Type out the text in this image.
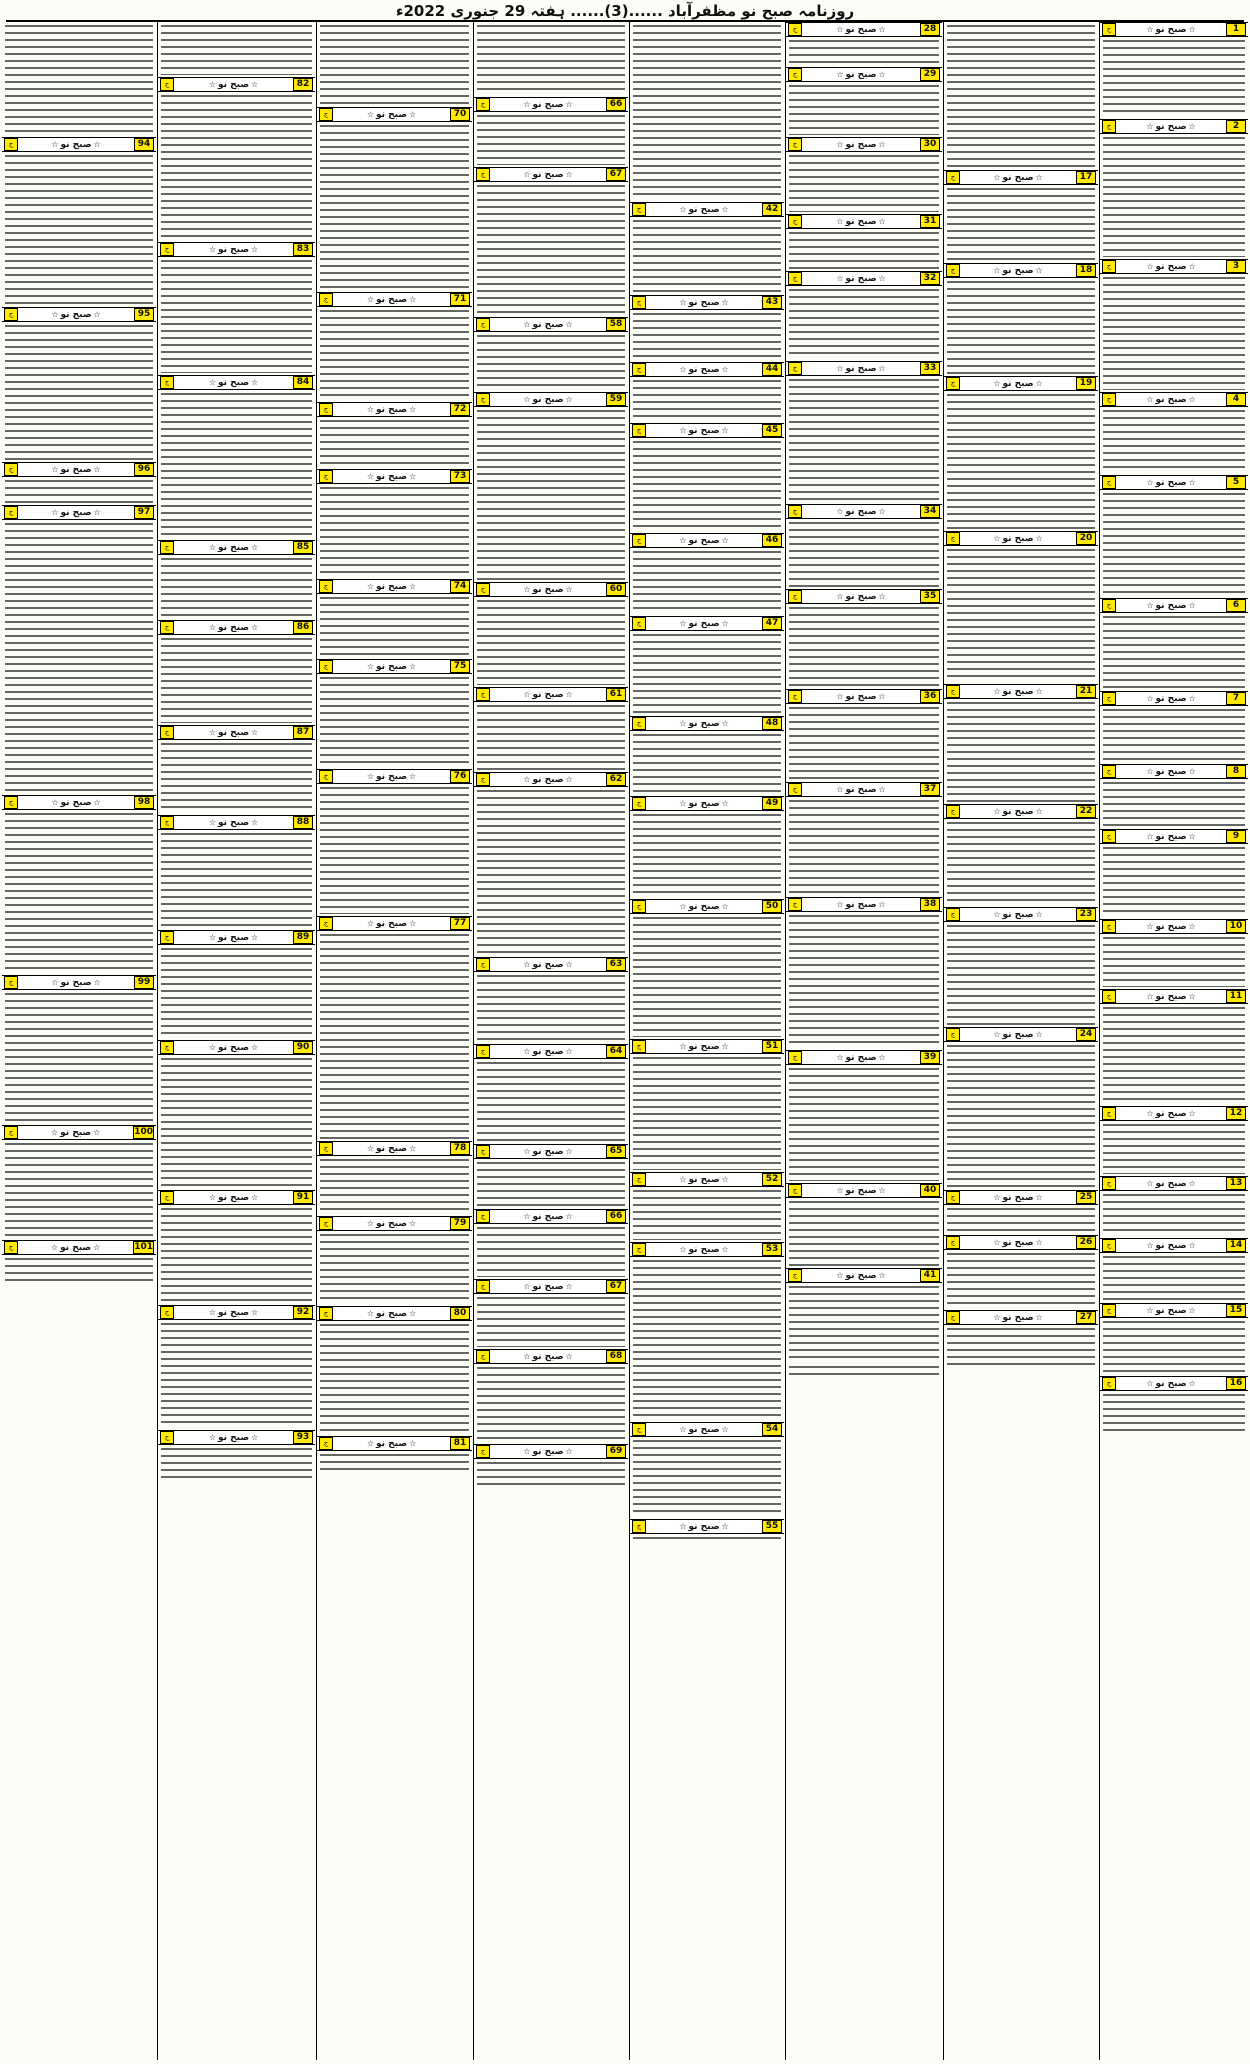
روزنامہ صبح نو مظفرآباد ......(3)...... ہفتہ 29 جنوری 2022ء
1
☆صبح نو☆
ج
2
☆صبح نو☆
ج
3
☆صبح نو☆
ج
4
☆صبح نو☆
ج
5
☆صبح نو☆
ج
6
☆صبح نو☆
ج
7
☆صبح نو☆
ج
8
☆صبح نو☆
ج
9
☆صبح نو☆
ج
10
☆صبح نو☆
ج
11
☆صبح نو☆
ج
12
☆صبح نو☆
ج
13
☆صبح نو☆
ج
14
☆صبح نو☆
ج
15
☆صبح نو☆
ج
16
☆صبح نو☆
ج
17
☆صبح نو☆
ج
18
☆صبح نو☆
ج
19
☆صبح نو☆
ج
20
☆صبح نو☆
ج
21
☆صبح نو☆
ج
22
☆صبح نو☆
ج
23
☆صبح نو☆
ج
24
☆صبح نو☆
ج
25
☆صبح نو☆
ج
26
☆صبح نو☆
ج
27
☆صبح نو☆
ج
28
☆صبح نو☆
ج
29
☆صبح نو☆
ج
30
☆صبح نو☆
ج
31
☆صبح نو☆
ج
32
☆صبح نو☆
ج
33
☆صبح نو☆
ج
34
☆صبح نو☆
ج
35
☆صبح نو☆
ج
36
☆صبح نو☆
ج
37
☆صبح نو☆
ج
38
☆صبح نو☆
ج
39
☆صبح نو☆
ج
40
☆صبح نو☆
ج
41
☆صبح نو☆
ج
42
☆صبح نو☆
ج
43
☆صبح نو☆
ج
44
☆صبح نو☆
ج
45
☆صبح نو☆
ج
46
☆صبح نو☆
ج
47
☆صبح نو☆
ج
48
☆صبح نو☆
ج
49
☆صبح نو☆
ج
50
☆صبح نو☆
ج
51
☆صبح نو☆
ج
52
☆صبح نو☆
ج
53
☆صبح نو☆
ج
54
☆صبح نو☆
ج
55
☆صبح نو☆
ج
66
☆صبح نو☆
ج
67
☆صبح نو☆
ج
58
☆صبح نو☆
ج
59
☆صبح نو☆
ج
60
☆صبح نو☆
ج
61
☆صبح نو☆
ج
62
☆صبح نو☆
ج
63
☆صبح نو☆
ج
64
☆صبح نو☆
ج
65
☆صبح نو☆
ج
66
☆صبح نو☆
ج
67
☆صبح نو☆
ج
68
☆صبح نو☆
ج
69
☆صبح نو☆
ج
70
☆صبح نو☆
ج
71
☆صبح نو☆
ج
72
☆صبح نو☆
ج
73
☆صبح نو☆
ج
74
☆صبح نو☆
ج
75
☆صبح نو☆
ج
76
☆صبح نو☆
ج
77
☆صبح نو☆
ج
78
☆صبح نو☆
ج
79
☆صبح نو☆
ج
80
☆صبح نو☆
ج
81
☆صبح نو☆
ج
82
☆صبح نو☆
ج
83
☆صبح نو☆
ج
84
☆صبح نو☆
ج
85
☆صبح نو☆
ج
86
☆صبح نو☆
ج
87
☆صبح نو☆
ج
88
☆صبح نو☆
ج
89
☆صبح نو☆
ج
90
☆صبح نو☆
ج
91
☆صبح نو☆
ج
92
☆صبح نو☆
ج
93
☆صبح نو☆
ج
94
☆صبح نو☆
ج
95
☆صبح نو☆
ج
96
☆صبح نو☆
ج
97
☆صبح نو☆
ج
98
☆صبح نو☆
ج
99
☆صبح نو☆
ج
100
☆صبح نو☆
ج
101
☆صبح نو☆
ج
